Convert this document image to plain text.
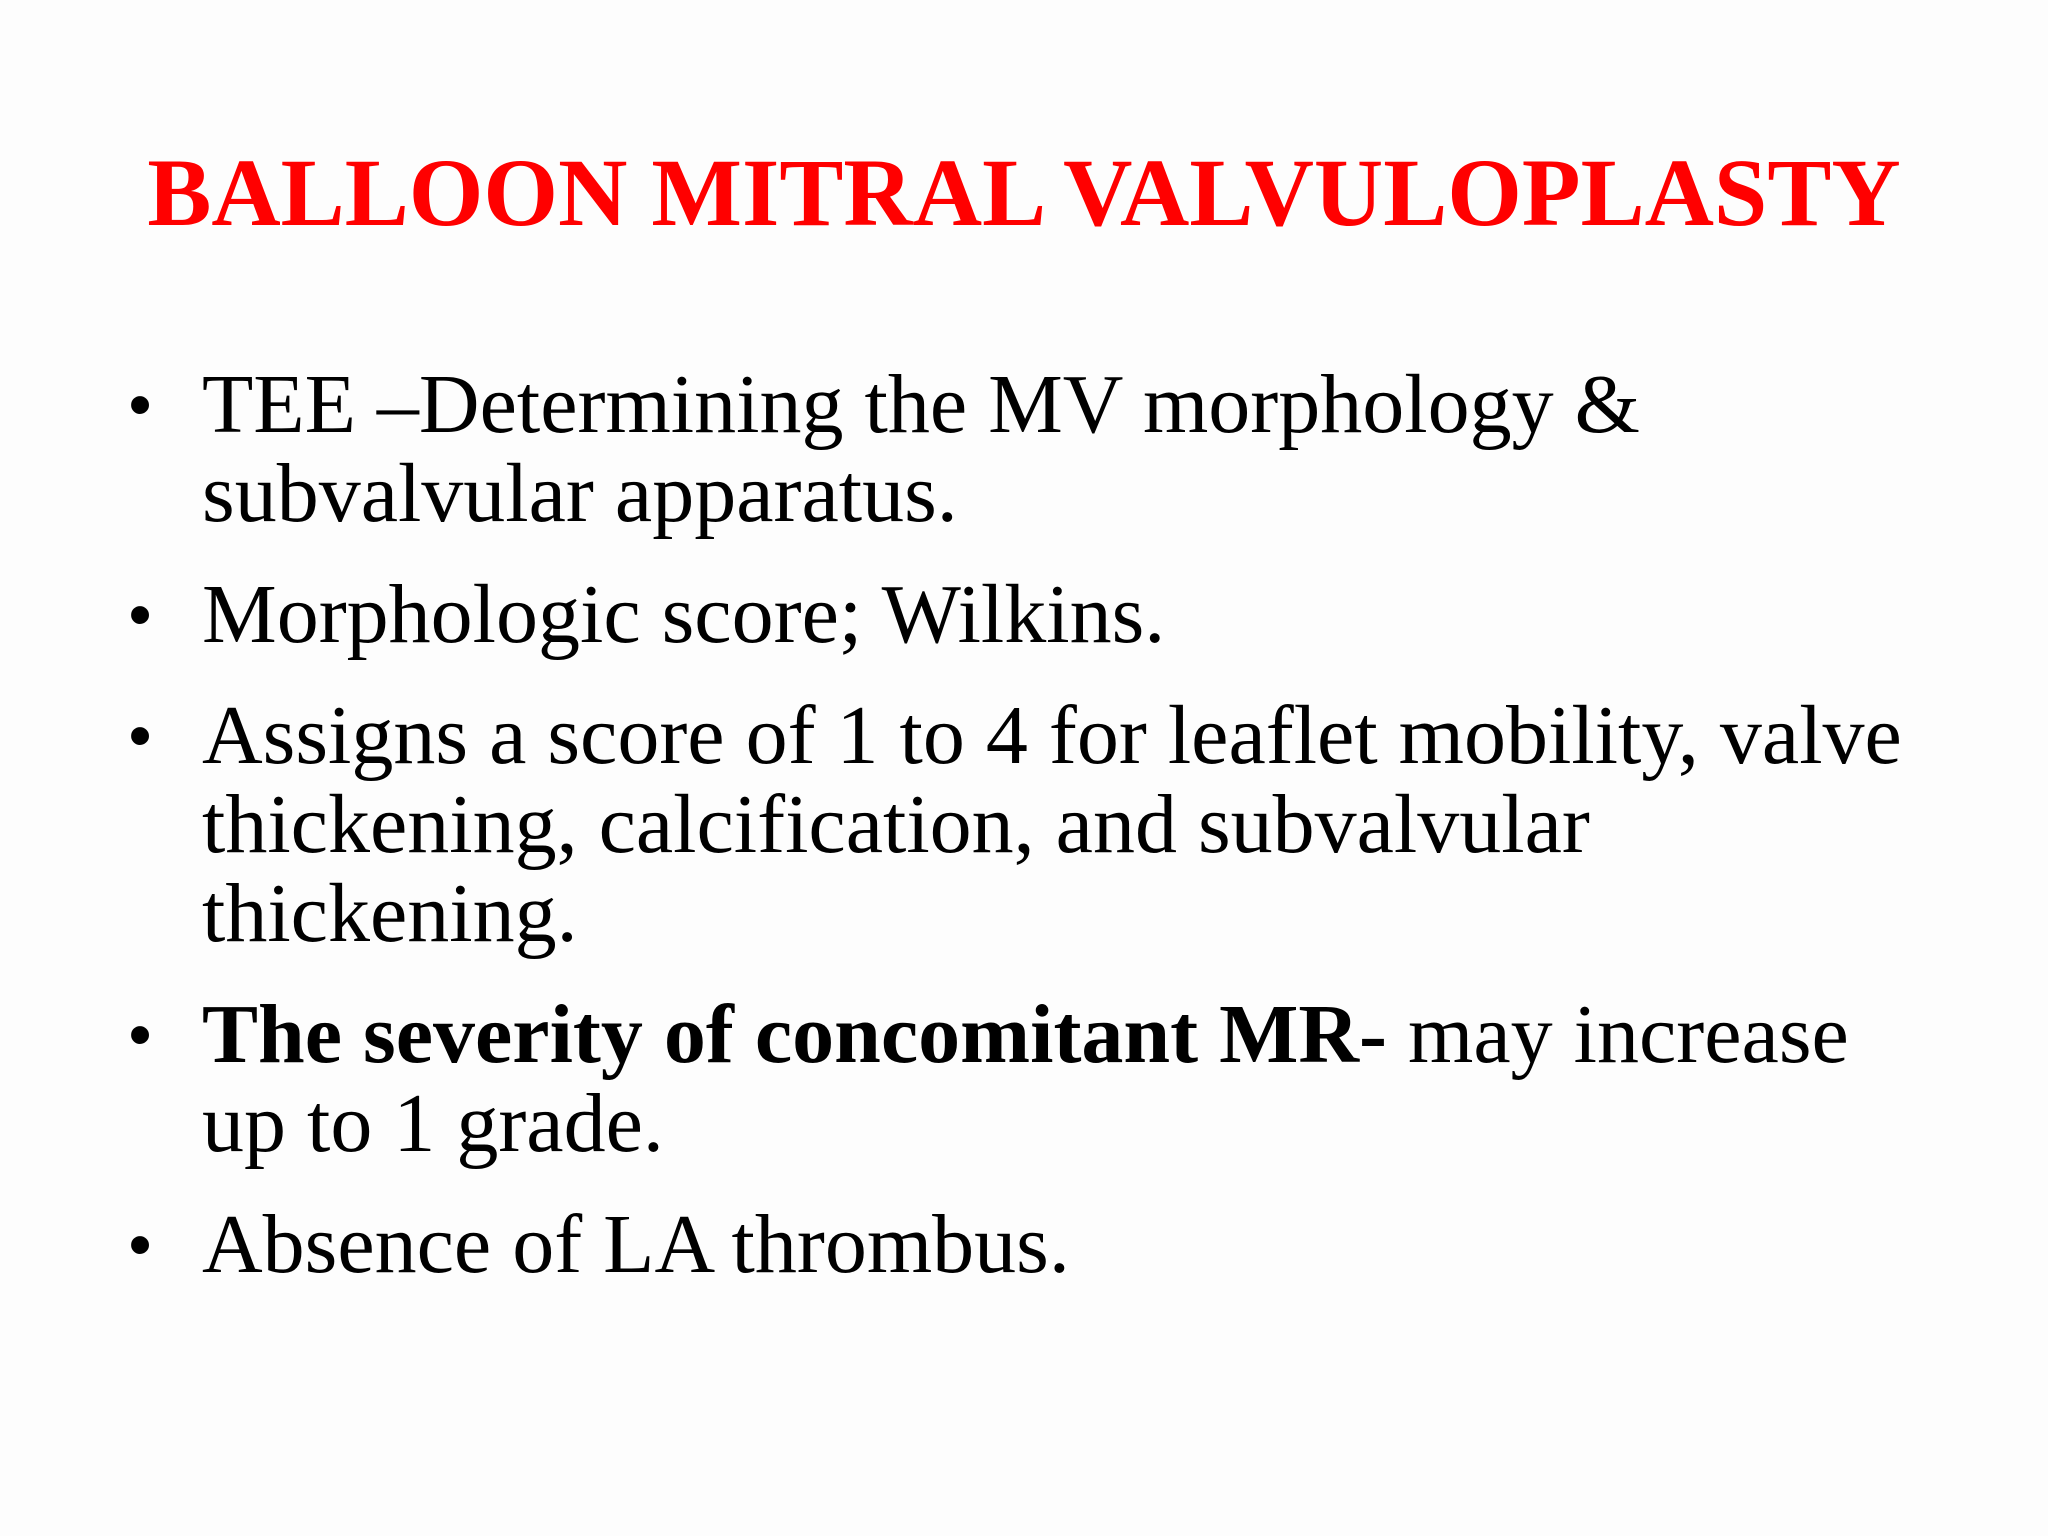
BALLOON MITRAL VALVULOPLASTY
• TEE –Determining the MV morphology & subvalvular apparatus.
• Morphologic score; Wilkins.
• Assigns a score of 1 to 4 for leaflet mobility, valve thickening, calcification, and subvalvular thickening.
• The severity of concomitant MR- may increase up to 1 grade.
• Absence of LA thrombus.
